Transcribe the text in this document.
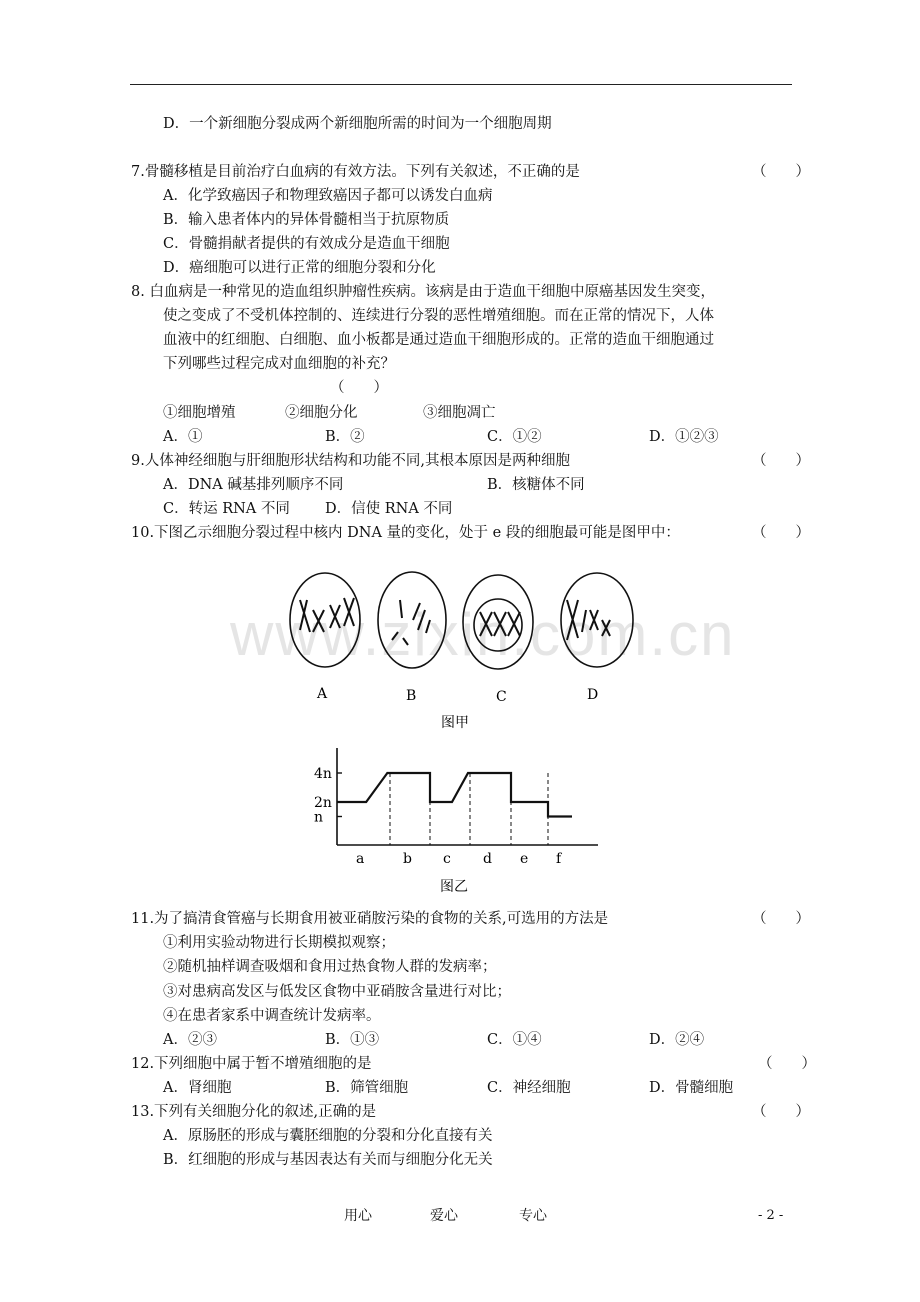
www.zixin.com.cn
D．一个新细胞分裂成两个新细胞所需的时间为一个细胞周期
7.骨髓移植是目前治疗白血病的有效方法。下列有关叙述，不正确的是	（　　）
A．化学致癌因子和物理致癌因子都可以诱发白血病
B．输入患者体内的异体骨髓相当于抗原物质
C．骨髓捐献者提供的有效成分是造血干细胞
D．癌细胞可以进行正常的细胞分裂和分化
8. 白血病是一种常见的造血组织肿瘤性疾病。该病是由于造血干细胞中原癌基因发生突变，
使之变成了不受机体控制的、连续进行分裂的恶性增殖细胞。而在正常的情况下，人体
血液中的红细胞、白细胞、血小板都是通过造血干细胞形成的。正常的造血干细胞通过
下列哪些过程完成对血细胞的补充？
（　　）
①细胞增殖	②细胞分化	③细胞凋亡
A．①	B．②	C．①②	D．①②③
9.人体神经细胞与肝细胞形状结构和功能不同,其根本原因是两种细胞	（　　）
A．DNA 碱基排列顺序不同	B．核糖体不同
C．转运 RNA 不同 D．信使 RNA 不同
10.下图乙示细胞分裂过程中核内 DNA 量的变化，处于 e 段的细胞最可能是图甲中：	（　　）
A	B	C	D
图甲
4n
2n
n
a	b c d e f
图乙
11.为了搞清食管癌与长期食用被亚硝胺污染的食物的关系,可选用的方法是	（　　）
①利用实验动物进行长期模拟观察；
②随机抽样调查吸烟和食用过热食物人群的发病率；
③对患病高发区与低发区食物中亚硝胺含量进行对比；
④在患者家系中调查统计发病率。
A．②③	B．①③	C．①④	D．②④
12.下列细胞中属于暂不增殖细胞的是	（　　）
A．肾细胞	B．筛管细胞	C．神经细胞	D．骨髓细胞
13.下列有关细胞分化的叙述,正确的是	（　　）
A．原肠胚的形成与囊胚细胞的分裂和分化直接有关
B．红细胞的形成与基因表达有关而与细胞分化无关
用心	爱心	专心	- 2 -
